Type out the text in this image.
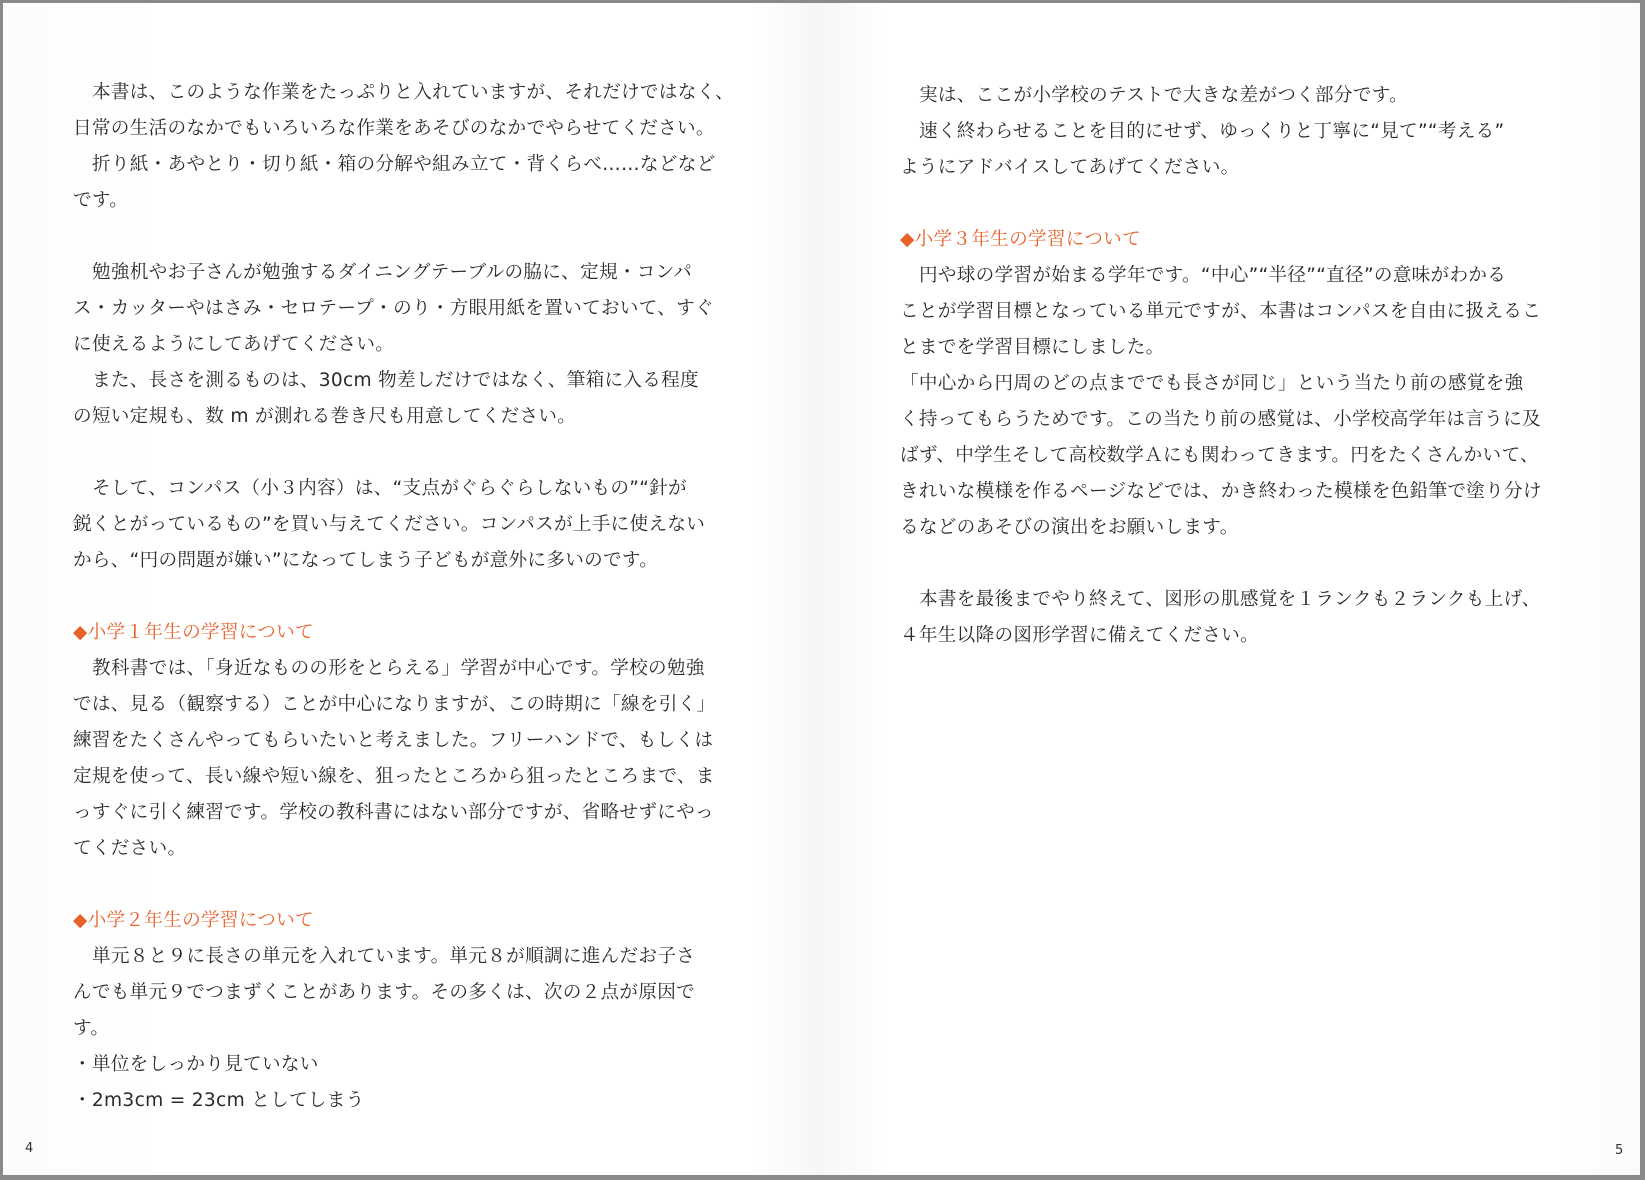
4
本書は、このような作業をたっぷりと入れていますが、それだけではなく、
日常の生活のなかでもいろいろな作業をあそびのなかでやらせてください。
折り紙・あやとり・切り紙・箱の分解や組み立て・背くらべ……などなど
です。
勉強机やお子さんが勉強するダイニングテーブルの脇に、定規・コンパ
ス・カッターやはさみ・セロテープ・のり・方眼用紙を置いておいて、すぐ
に使えるようにしてあげてください。
また、長さを測るものは、30cm 物差しだけではなく、筆箱に入る程度
の短い定規も、数 m が測れる巻き尺も用意してください。
そして、コンパス（小３内容）は、“支点がぐらぐらしないもの”“針が
鋭くとがっているもの”を買い与えてください。コンパスが上手に使えない
から、“円の問題が嫌い”になってしまう子どもが意外に多いのです。
◆小学１年生の学習について
教科書では、「身近なものの形をとらえる」学習が中心です。学校の勉強
では、見る（観察する）ことが中心になりますが、この時期に「線を引く」
練習をたくさんやってもらいたいと考えました。フリーハンドで、もしくは
定規を使って、長い線や短い線を、狙ったところから狙ったところまで、ま
っすぐに引く練習です。学校の教科書にはない部分ですが、省略せずにやっ
てください。
◆小学２年生の学習について
単元８と９に長さの単元を入れています。単元８が順調に進んだお子さ
んでも単元９でつまずくことがあります。その多くは、次の２点が原因で
す。
・単位をしっかり見ていない
・2m3cm = 23cm としてしまう
5
実は、ここが小学校のテストで大きな差がつく部分です。
速く終わらせることを目的にせず、ゆっくりと丁寧に“見て”“考える”
ようにアドバイスしてあげてください。
◆小学３年生の学習について
円や球の学習が始まる学年です。“中心”“半径”“直径”の意味がわかる
ことが学習目標となっている単元ですが、本書はコンパスを自由に扱えるこ
とまでを学習目標にしました。
「中心から円周のどの点まででも長さが同じ」という当たり前の感覚を強
く持ってもらうためです。この当たり前の感覚は、小学校高学年は言うに及
ばず、中学生そして高校数学Ａにも関わってきます。円をたくさんかいて、
きれいな模様を作るページなどでは、かき終わった模様を色鉛筆で塗り分け
るなどのあそびの演出をお願いします。
本書を最後までやり終えて、図形の肌感覚を１ランクも２ランクも上げ、
４年生以降の図形学習に備えてください。
